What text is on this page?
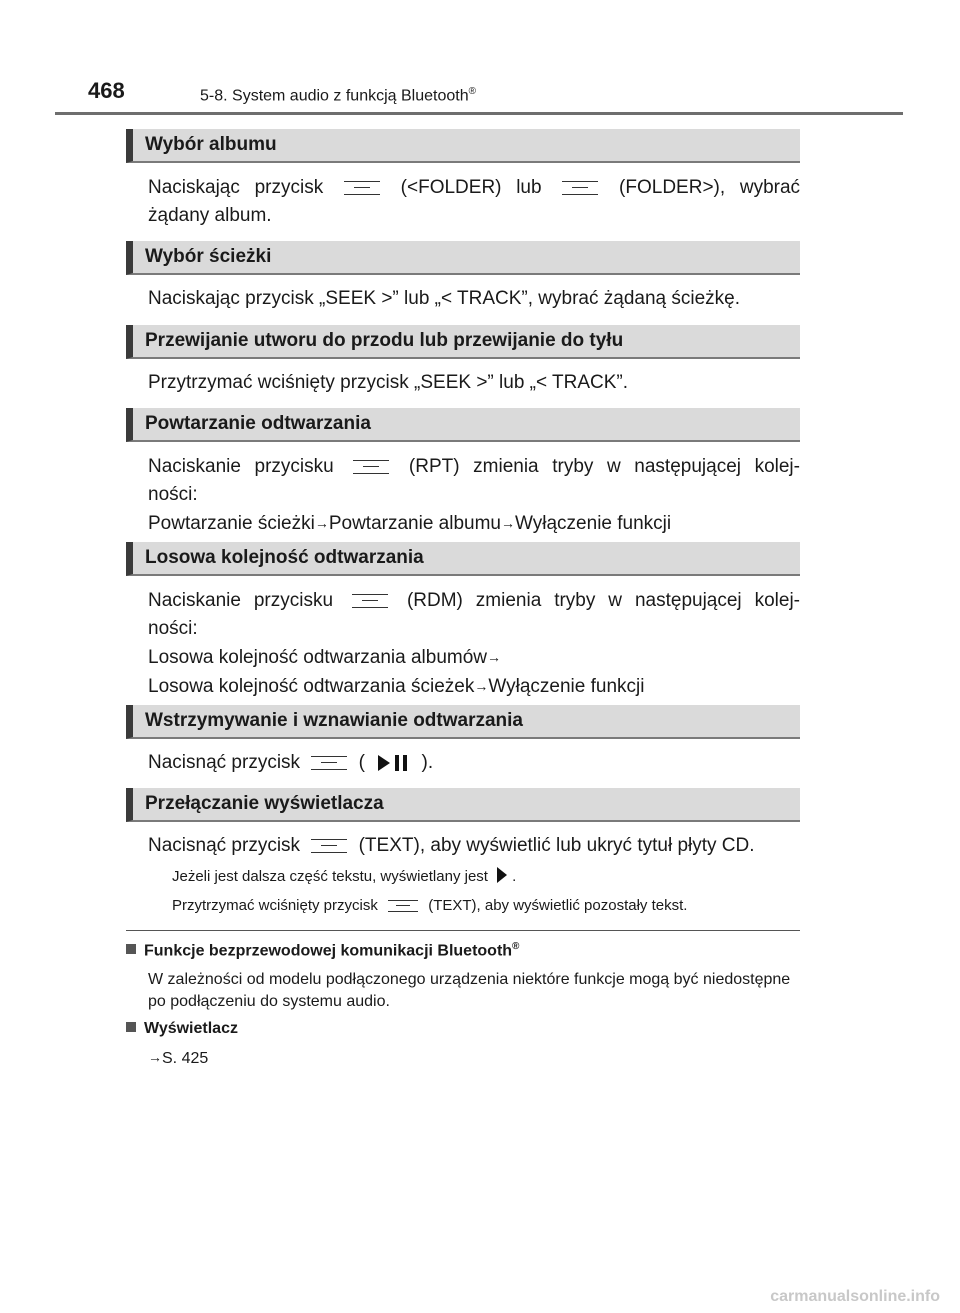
468	5-8. System audio z funkcją Bluetooth®
Wybór albumu
Naciskając przycisk	(<FOLDER) lub	(FOLDER>), wybrać
żądany album.
Wybór ścieżki
Naciskając przycisk „SEEK >” lub „< TRACK”, wybrać żądaną ścieżkę.
Przewijanie utworu do przodu lub przewijanie do tyłu
Przytrzymać wciśnięty przycisk „SEEK >” lub „< TRACK”.
Powtarzanie odtwarzania
Naciskanie przycisku	(RPT) zmienia tryby w następującej kolej-
ności:
Powtarzanie ścieżki→Powtarzanie albumu→Wyłączenie funkcji
Losowa kolejność odtwarzania
Naciskanie przycisku	(RDM) zmienia tryby w następującej kolej-
ności:
Losowa kolejność odtwarzania albumów→
Losowa kolejność odtwarzania ścieżek→Wyłączenie funkcji
Wstrzymywanie i wznawianie odtwarzania
Nacisnąć przycisk	(	).
Przełączanie wyświetlacza
Nacisnąć przycisk	(TEXT), aby wyświetlić lub ukryć tytuł płyty CD.
Jeżeli jest dalsza część tekstu, wyświetlany jest .
Przytrzymać wciśnięty przycisk	(TEXT), aby wyświetlić pozostały tekst.
Funkcje bezprzewodowej komunikacji Bluetooth®
W zależności od modelu podłączonego urządzenia niektóre funkcje mogą być niedostępne po podłączeniu do systemu audio.
Wyświetlacz
→S. 425
carmanualsonline.info
